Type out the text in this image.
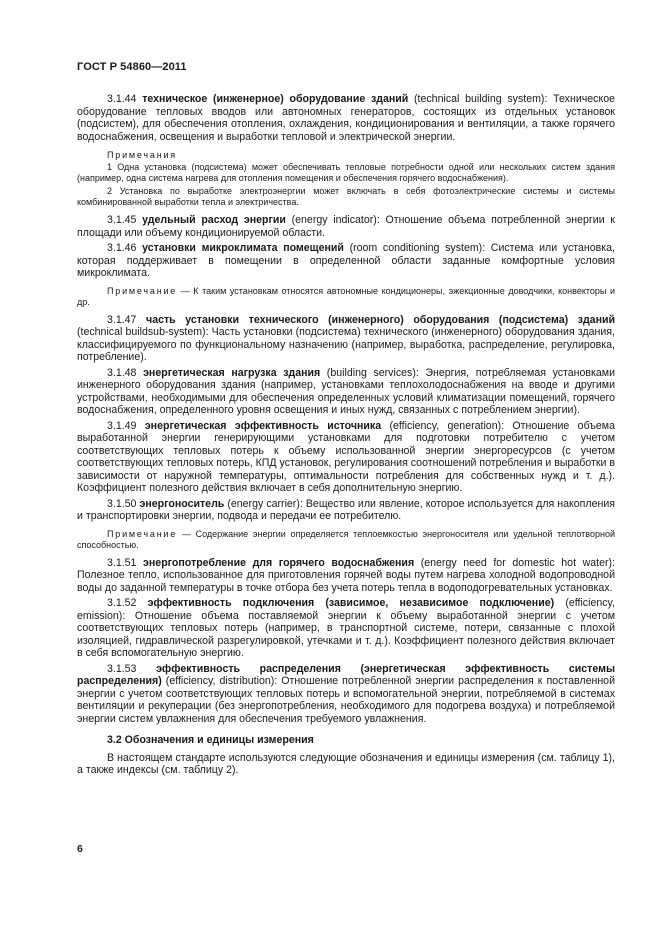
ГОСТ Р 54860—2011

3.1.44 техническое (инженерное) оборудование зданий (technical building system): Техническое оборудование тепловых вводов или автономных генераторов, состоящих из отдельных установок (подсистем), для обеспечения отопления, охлаждения, кондиционирования и вентиляции, а также горячего водоснабжения, освещения и выработки тепловой и электрической энергии.

Примечания

1 Одна установка (подсистема) может обеспечивать тепловые потребности одной или нескольких систем здания (например, одна система нагрева для отопления помещения и обеспечения горячего водоснабжения).

2 Установка по выработке электроэнергии может включать в себя фотоэлектрические системы и системы комбинированной выработки тепла и электричества.

3.1.45 удельный расход энергии (energy indicator): Отношение объема потребленной энергии к площади или объему кондиционируемой области.

3.1.46 установки микроклимата помещений (room conditioning system): Система или установка, которая поддерживает в помещении в определенной области заданные комфортные условия микроклимата.

Примечание — К таким установкам относятся автономные кондиционеры, эжекционные доводчики, конвекторы и др.

3.1.47 часть установки технического (инженерного) оборудования (подсистема) зданий (technical buildsub-system): Часть установки (подсистема) технического (инженерного) оборудования здания, классифицируемого по функциональному назначению (например, выработка, распределение, регулировка, потребление).

3.1.48 энергетическая нагрузка здания (building services): Энергия, потребляемая установками инженерного оборудования здания (например, установками теплохолодоснабжения на вводе и другими устройствами, необходимыми для обеспечения определенных условий климатизации помещений, горячего водоснабжения, определенного уровня освещения и иных нужд, связанных с потреблением энергии).

3.1.49 энергетическая эффективность источника (efficiency, generation): Отношение объема выработанной энергии генерирующими установками для подготовки потребителю с учетом соответствующих тепловых потерь к объему использованной энергии энергоресурсов (с учетом соответствующих тепловых потерь, КПД установок, регулирования соотношений потребления и выработки в зависимости от наружной температуры, оптимальности потребления для собственных нужд и т. д.). Коэффициент полезного действия включает в себя дополнительную энергию.

3.1.50 энергоноситель (energy carrier): Вещество или явление, которое используется для накопления и транспортировки энергии, подвода и передачи ее потребителю.

Примечание — Содержание энергии определяется теплоемкостью энергоносителя или удельной теплотворной способностью.

3.1.51 энергопотребление для горячего водоснабжения (energy need for domestic hot water): Полезное тепло, использованное для приготовления горячей воды путем нагрева холодной водопроводной воды до заданной температуры в точке отбора без учета потерь тепла в водоподогревательных установках.

3.1.52 эффективность подключения (зависимое, независимое подключение) (efficiency, emission): Отношение объема поставляемой энергии к объему выработанной энергии с учетом соответствующих тепловых потерь (например, в транспортной системе, потери, связанные с плохой изоляцией, гидравлической разрегулировкой, утечками и т. д.). Коэффициент полезного действия включает в себя вспомогательную энергию.

3.1.53 эффективность распределения (энергетическая эффективность системы распределения) (efficiency, distribution): Отношение потребленной энергии распределения к поставленной энергии с учетом соответствующих тепловых потерь и вспомогательной энергии, потребляемой в системах вентиляции и рекуперации (без энергопотребления, необходимого для подогрева воздуха) и потребляемой энергии систем увлажнения для обеспечения требуемого увлажнения.

3.2 Обозначения и единицы измерения

В настоящем стандарте используются следующие обозначения и единицы измерения (см. таблицу 1), а также индексы (см. таблицу 2).

6
